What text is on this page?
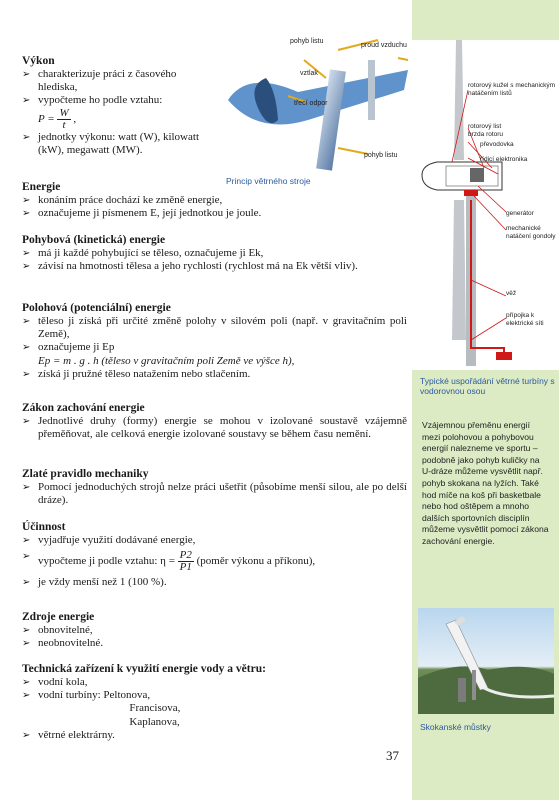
Výkon
➢ charakterizuje práci z časového hlediska,
➢ vypočteme ho podle vztahu:
$P = \frac{W}{t}$ ,
➢ jednotky výkonu: watt (W), kilowatt (kW), megawatt (MW).
pohyb listu
proud vzduchu
vztlak
třecí odpor
pohyb listu
Princip větrného stroje
Energie
➢ konáním práce dochází ke změně energie,
➢ označujeme ji písmenem E, její jednotkou je joule.
Pohybová (kinetická) energie
➢ má ji každé pohybující se těleso, označujeme ji Ek,
➢ závisí na hmotnosti tělesa a jeho rychlosti (rychlost má na Ek větší vliv).
Polohová (potenciální) energie
➢ těleso ji získá při určité změně polohy v silovém poli (např. v gravitačním poli Země),
➢ označujeme ji Ep
Ep = m . g . h (těleso v gravitačním poli Země ve výšce h),
➢ získá ji pružné těleso natažením nebo stlačením.
Zákon zachování energie
➢ Jednotlivé druhy (formy) energie se mohou v izolované soustavě vzájemně přeměňovat, ale celková energie izolované soustavy se během času nemění.
Zlaté pravidlo mechaniky
➢ Pomocí jednoduchých strojů nelze práci ušetřit (působíme menší silou, ale po delší dráze).
Účinnost
➢ vyjadřuje využití dodávané energie,
➢ vypočteme ji podle vztahu: $\eta = \frac{P2}{P1}$ (poměr výkonu a příkonu),
➢ je vždy menší než 1 (100 %).
Zdroje energie
➢ obnovitelné,
➢ neobnovitelné.
Technická zařízení k využití energie vody a větru:
➢ vodní kola,
➢ vodní turbíny: Peltonova,
Francisova,
Kaplanova,
➢ větrné elektrárny.
37
rotorový kužel s mechanickým natáčením listů
rotorový list
brzda rotoru
převodovka
řídicí elektronika
generátor
mechanické natáčení gondoly
věž
přípojka k elektrické síti
Typické uspořádání větrné turbíny s vodorovnou osou
Vzájemnou přeměnu energií mezi polohovou a pohybovou energií nalezneme ve sportu – podobně jako pohyb kuličky na U-dráze můžeme vysvětlit např. pohyb skokana na lyžích. Také hod míče na koš při basketbale nebo hod oštěpem a mnoho dalších sportovních disciplín můžeme vysvětlit pomocí zákona zachování energie.
Skokanské můstky
